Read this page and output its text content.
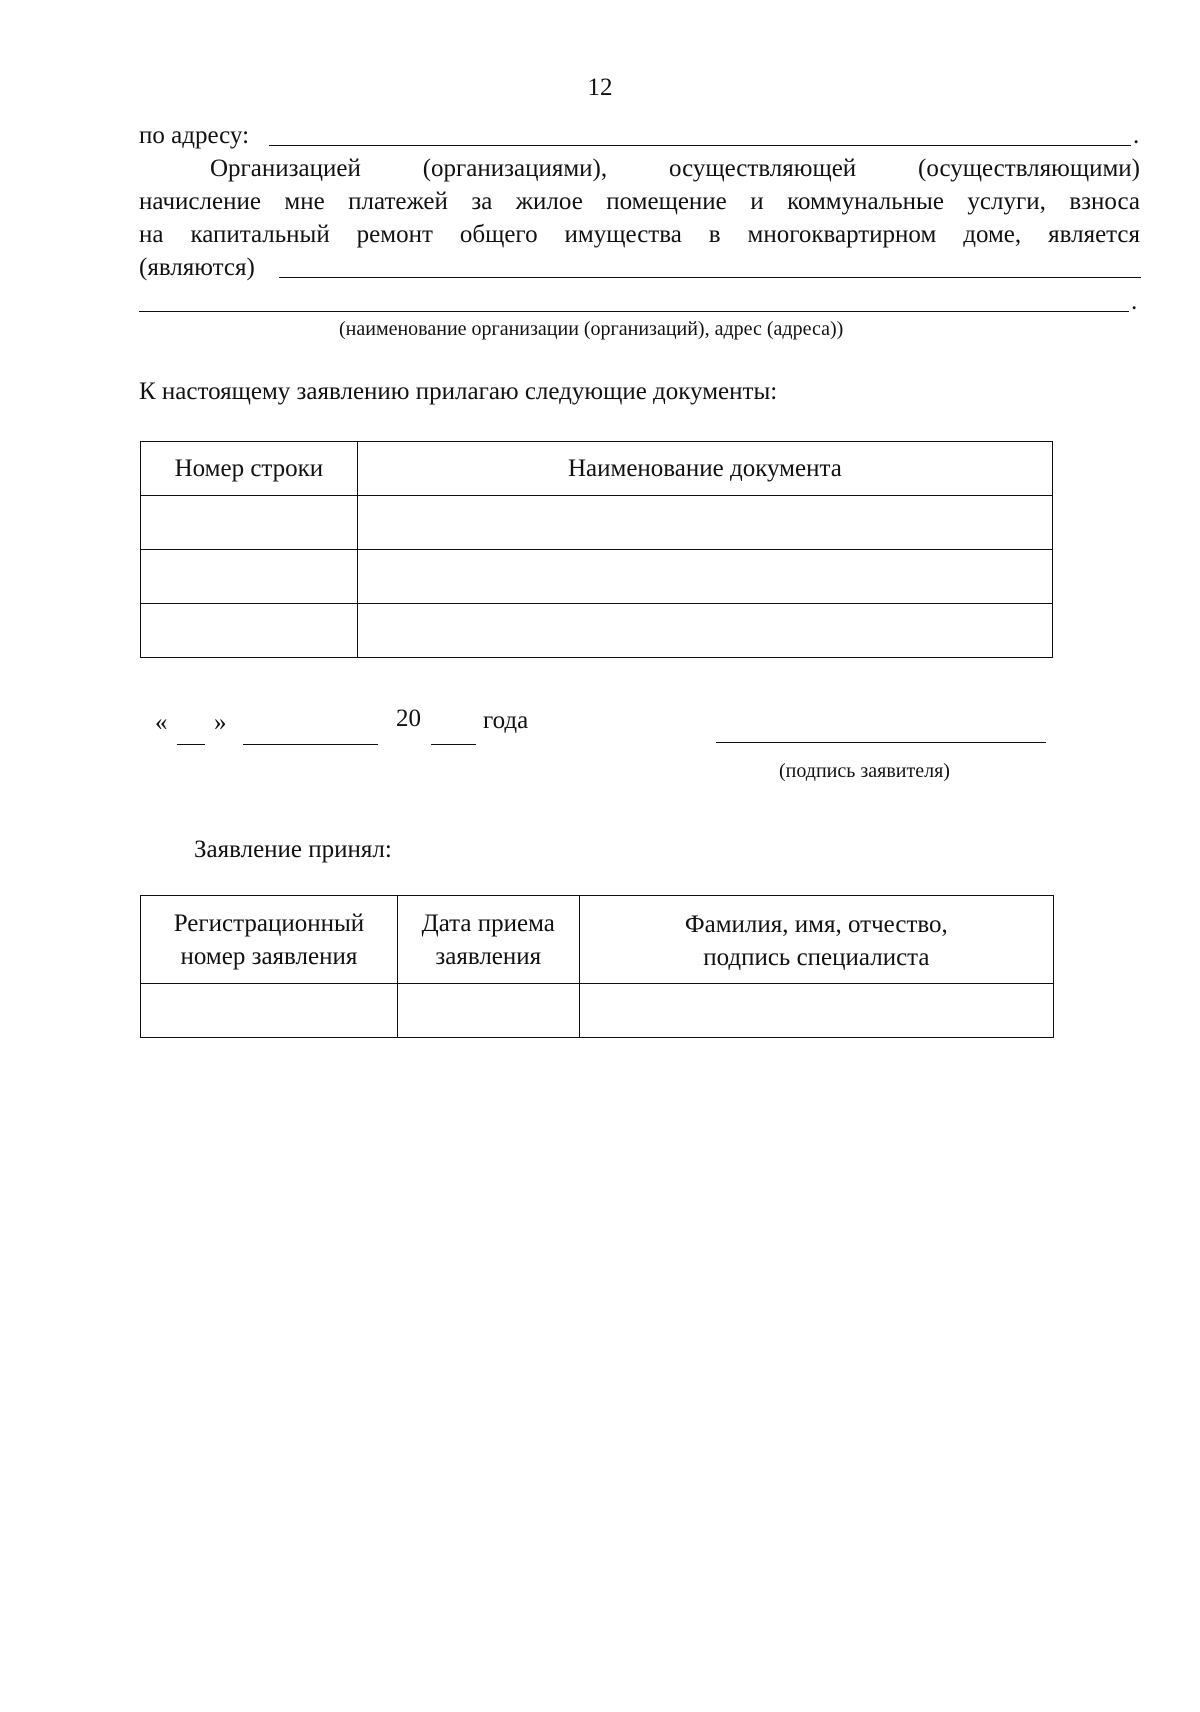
12
по адресу:	.
Организацией (организациями), осуществляющей (осуществляющими)
начисление мне платежей за жилое помещение и коммунальные услуги, взноса
на капитальный ремонт общего имущества в многоквартирном доме, является
(являются)
.
(наименование организации (организаций), адрес (адреса))
К настоящему заявлению прилагаю следующие документы:
Номер строки	Наименование документа

« »	20 года
(подпись заявителя)
Заявление принял:
Регистрационный номер заявления	Дата приема заявления	Фамилия, имя, отчество, подпись специалиста
